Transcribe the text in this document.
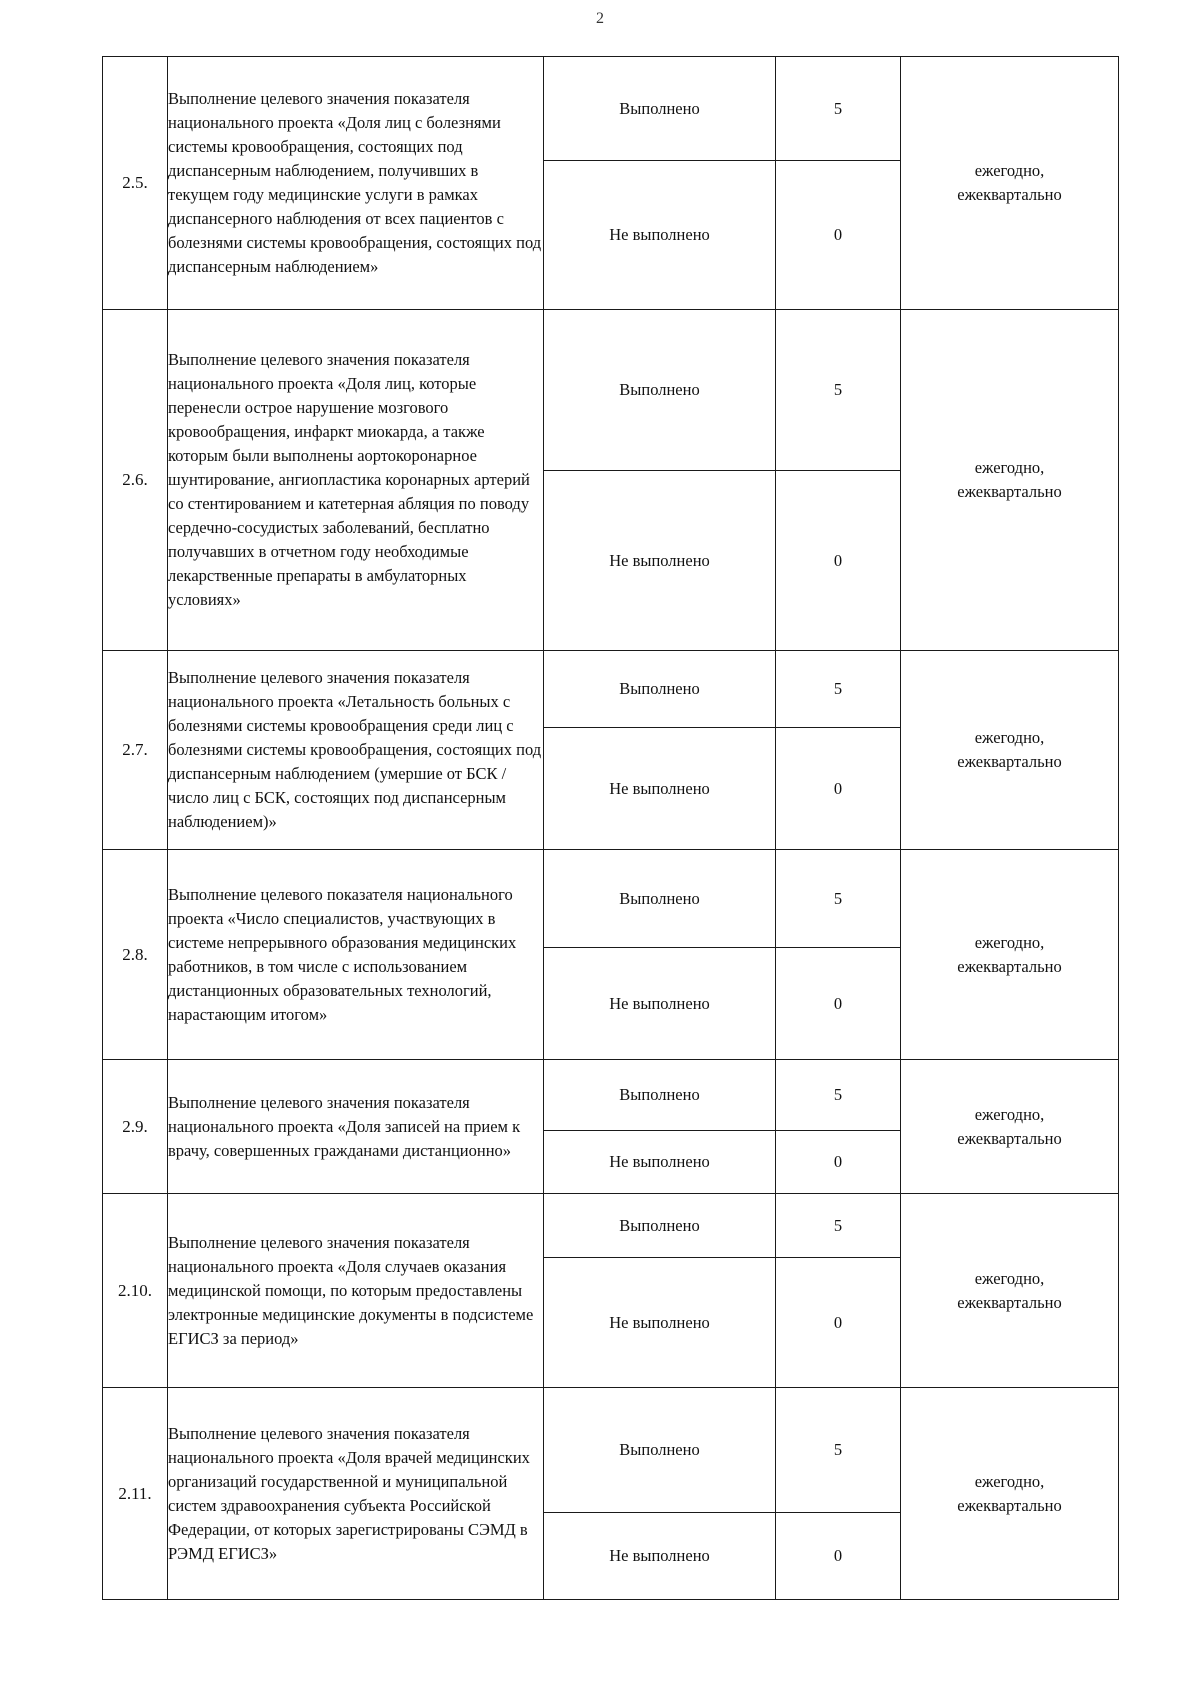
2
2.5.	Выполнение целевого значения показателя национального проекта «Доля лиц с болезнями системы кровообращения, состоящих под диспансерным наблюдением, получивших в текущем году медицинские услуги в рамках диспансерного наблюдения от всех пациентов с болезнями системы кровообращения, состоящих под диспансерным наблюдением»	Выполнено	5	ежегодно,
ежеквартально
		Не выполнено	0	
2.6.	Выполнение целевого значения показателя национального проекта «Доля лиц, которые перенесли острое нарушение мозгового кровообращения, инфаркт миокарда, а также которым были выполнены аортокоронарное шунтирование, ангиопластика коронарных артерий со стентированием и катетерная абляция по поводу сердечно-сосудистых заболеваний, бесплатно получавших в отчетном году необходимые лекарственные препараты в амбулаторных условиях»	Выполнено	5	ежегодно,
ежеквартально
		Не выполнено	0	
2.7.	Выполнение целевого значения показателя национального проекта «Летальность больных с болезнями системы кровообращения среди лиц с болезнями системы кровообращения, состоящих под диспансерным наблюдением (умершие от БСК / число лиц с БСК, состоящих под диспансерным наблюдением)»	Выполнено	5	ежегодно,
ежеквартально
		Не выполнено	0	
2.8.	Выполнение целевого показателя национального проекта «Число специалистов, участвующих в системе непрерывного образования медицинских работников, в том числе с использованием дистанционных образовательных технологий, нарастающим итогом»	Выполнено	5	ежегодно,
ежеквартально
		Не выполнено	0	
2.9.	Выполнение целевого значения показателя национального проекта «Доля записей на прием к врачу, совершенных гражданами дистанционно»	Выполнено	5	ежегодно,
ежеквартально
		Не выполнено	0	
2.10.	Выполнение целевого значения показателя национального проекта «Доля случаев оказания медицинской помощи, по которым предоставлены электронные медицинские документы в подсистеме ЕГИСЗ за период»	Выполнено	5	ежегодно,
ежеквартально
		Не выполнено	0	
2.11.	Выполнение целевого значения показателя национального проекта «Доля врачей медицинских организаций государственной и муниципальной систем здравоохранения субъекта Российской Федерации, от которых зарегистрированы СЭМД в РЭМД ЕГИСЗ»	Выполнено	5	ежегодно,
ежеквартально
		Не выполнено	0	
